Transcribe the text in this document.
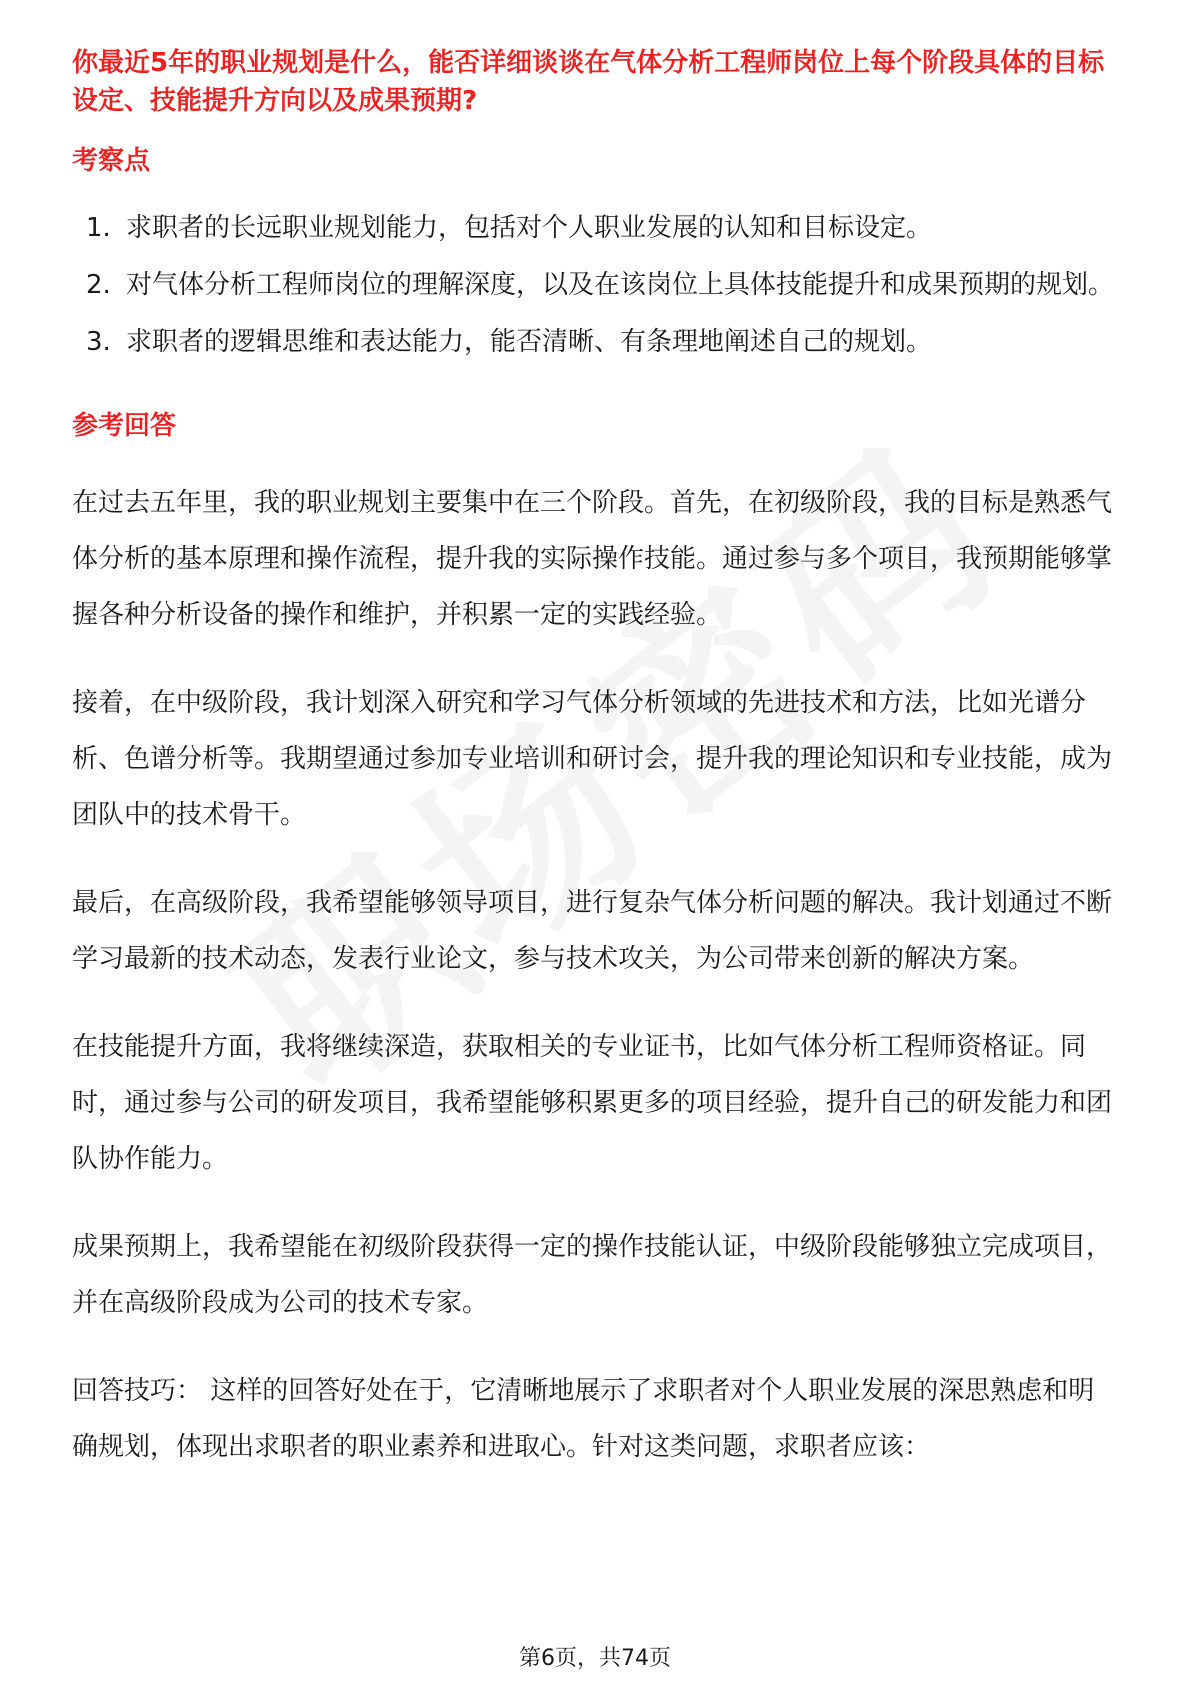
你最近5年的职业规划是什么，能否详细谈谈在气体分析工程师岗位上每个阶段具体的目标设定、技能提升方向以及成果预期?
考察点
1. 求职者的长远职业规划能力，包括对个人职业发展的认知和目标设定。
2. 对气体分析工程师岗位的理解深度，以及在该岗位上具体技能提升和成果预期的规划。
3. 求职者的逻辑思维和表达能力，能否清晰、有条理地阐述自己的规划。
参考回答

在过去五年里，我的职业规划主要集中在三个阶段。首先，在初级阶段，我的目标是熟悉气体分析的基本原理和操作流程，提升我的实际操作技能。通过参与多个项目，我预期能够掌握各种分析设备的操作和维护，并积累一定的实践经验。

接着，在中级阶段，我计划深入研究和学习气体分析领域的先进技术和方法，比如光谱分析、色谱分析等。我期望通过参加专业培训和研讨会，提升我的理论知识和专业技能，成为团队中的技术骨干。

最后，在高级阶段，我希望能够领导项目，进行复杂气体分析问题的解决。我计划通过不断学习最新的技术动态，发表行业论文，参与技术攻关，为公司带来创新的解决方案。

在技能提升方面，我将继续深造，获取相关的专业证书，比如气体分析工程师资格证。同时，通过参与公司的研发项目，我希望能够积累更多的项目经验，提升自己的研发能力和团队协作能力。

成果预期上，我希望能在初级阶段获得一定的操作技能认证，中级阶段能够独立完成项目，并在高级阶段成为公司的技术专家。

回答技巧： 这样的回答好处在于，它清晰地展示了求职者对个人职业发展的深思熟虑和明确规划，体现出求职者的职业素养和进取心。针对这类问题，求职者应该：

第6页，共74页
